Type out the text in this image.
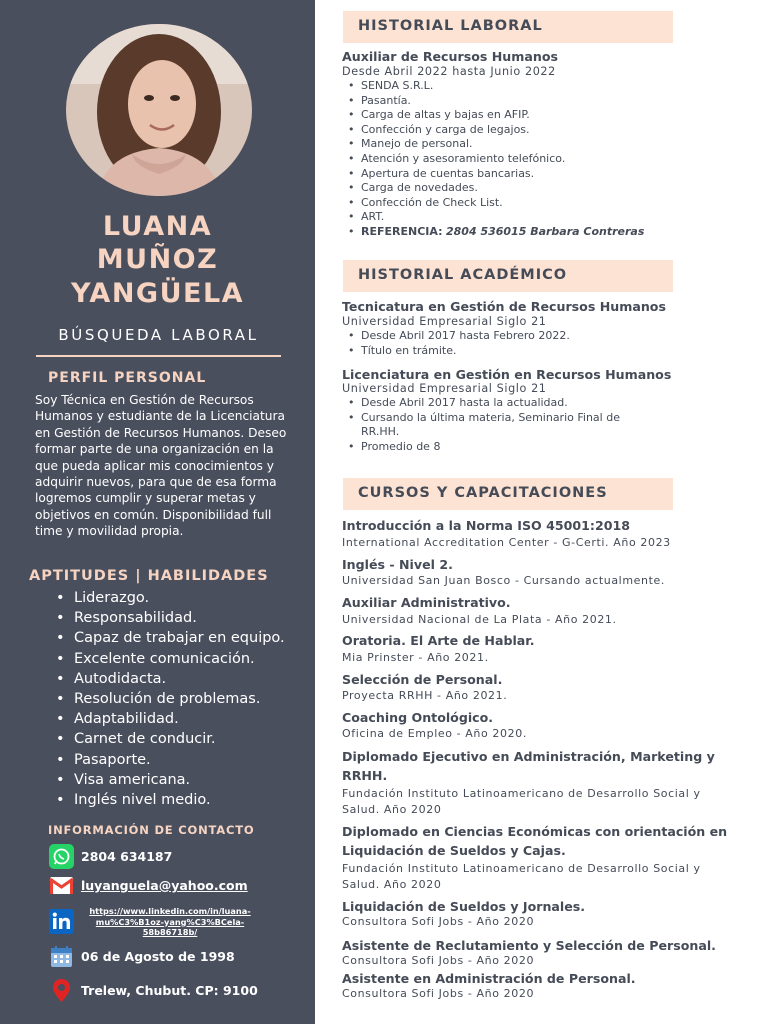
LUANA
MUÑOZ
YANGÜELA
BÚSQUEDA LABORAL
PERFIL PERSONAL
Soy Técnica en Gestión de Recursos Humanos y estudiante de la Licenciatura en Gestión de Recursos Humanos. Deseo formar parte de una organización en la que pueda aplicar mis conocimientos y adquirir nuevos, para que de esa forma logremos cumplir y superar metas y objetivos en común. Disponibilidad full time y movilidad propia.
APTITUDES | HABILIDADES
• Liderazgo.
• Responsabilidad.
• Capaz de trabajar en equipo.
• Excelente comunicación.
• Autodidacta.
• Resolución de problemas.
• Adaptabilidad.
• Carnet de conducir.
• Pasaporte.
• Visa americana.
• Inglés nivel medio.
INFORMACIÓN DE CONTACTO
2804 634187
luyanguela@yahoo.com
https://www.linkedin.com/in/luana-mu%C3%B1oz-yang%C3%BCela-58b86718b/
06 de Agosto de 1998
Trelew, Chubut. CP: 9100
HISTORIAL LABORAL
Auxiliar de Recursos Humanos
Desde Abril 2022 hasta Junio 2022
• SENDA S.R.L.
• Pasantía.
• Carga de altas y bajas en AFIP.
• Confección y carga de legajos.
• Manejo de personal.
• Atención y asesoramiento telefónico.
• Apertura de cuentas bancarias.
• Carga de novedades.
• Confección de Check List.
• ART.
• REFERENCIA: 2804 536015 Barbara Contreras
HISTORIAL ACADÉMICO
Tecnicatura en Gestión de Recursos Humanos
Universidad Empresarial Siglo 21
• Desde Abril 2017 hasta Febrero 2022.
• Título en trámite.
Licenciatura en Gestión en Recursos Humanos
Universidad Empresarial Siglo 21
• Desde Abril 2017 hasta la actualidad.
• Cursando la última materia, Seminario Final de RR.HH.
• Promedio de 8
CURSOS Y CAPACITACIONES
Introducción a la Norma ISO 45001:2018
International Accreditation Center - G-Certi. Año 2023
Inglés - Nivel 2.
Universidad San Juan Bosco - Cursando actualmente.
Auxiliar Administrativo.
Universidad Nacional de La Plata - Año 2021.
Oratoria. El Arte de Hablar.
Mia Prinster - Año 2021.
Selección de Personal.
Proyecta RRHH - Año 2021.
Coaching Ontológico.
Oficina de Empleo - Año 2020.
Diplomado Ejecutivo en Administración, Marketing y RRHH.
Fundación Instituto Latinoamericano de Desarrollo Social y Salud. Año 2020
Diplomado en Ciencias Económicas con orientación en Liquidación de Sueldos y Cajas.
Fundación Instituto Latinoamericano de Desarrollo Social y Salud. Año 2020
Liquidación de Sueldos y Jornales.
Consultora Sofi Jobs - Año 2020
Asistente de Reclutamiento y Selección de Personal.
Consultora Sofi Jobs - Año 2020
Asistente en Administración de Personal.
Consultora Sofi Jobs - Año 2020
